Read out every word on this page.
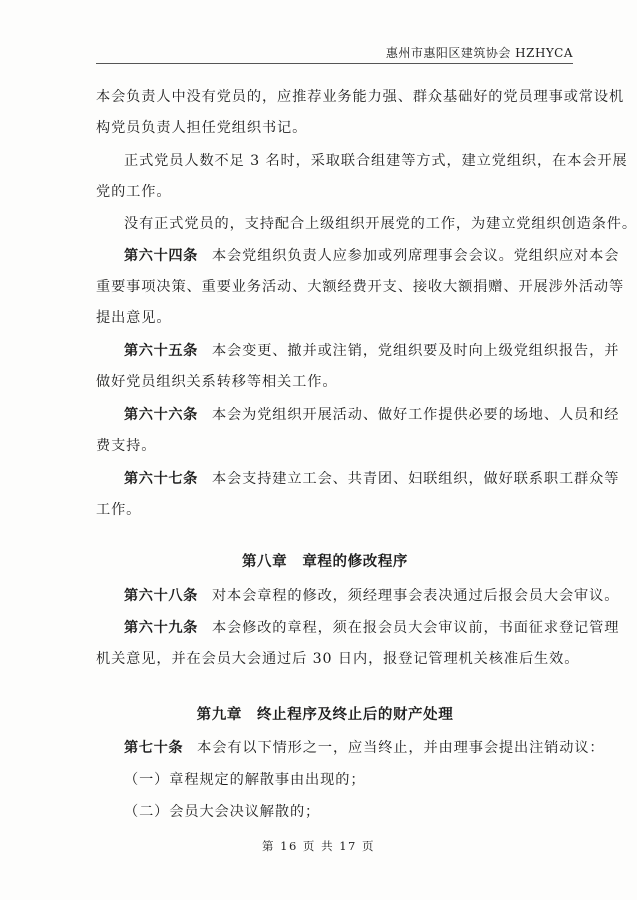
惠州市惠阳区建筑协会 HZHYCA
本会负责人中没有党员的，应推荐业务能力强、群众基础好的党员理事或常设机
构党员负责人担任党组织书记。
正式党员人数不足 3 名时，采取联合组建等方式，建立党组织，在本会开展
党的工作。
没有正式党员的，支持配合上级组织开展党的工作，为建立党组织创造条件。
第六十四条 本会党组织负责人应参加或列席理事会会议。党组织应对本会
重要事项决策、重要业务活动、大额经费开支、接收大额捐赠、开展涉外活动等
提出意见。
第六十五条 本会变更、撤并或注销，党组织要及时向上级党组织报告，并
做好党员组织关系转移等相关工作。
第六十六条 本会为党组织开展活动、做好工作提供必要的场地、人员和经
费支持。
第六十七条 本会支持建立工会、共青团、妇联组织，做好联系职工群众等
工作。
第八章　章程的修改程序
第六十八条 对本会章程的修改，须经理事会表决通过后报会员大会审议。
第六十九条 本会修改的章程，须在报会员大会审议前，书面征求登记管理
机关意见，并在会员大会通过后 30 日内，报登记管理机关核准后生效。
第九章　终止程序及终止后的财产处理
第七十条 本会有以下情形之一，应当终止，并由理事会提出注销动议：
（一）章程规定的解散事由出现的；
（二）会员大会决议解散的；
第 16 页 共 17 页
